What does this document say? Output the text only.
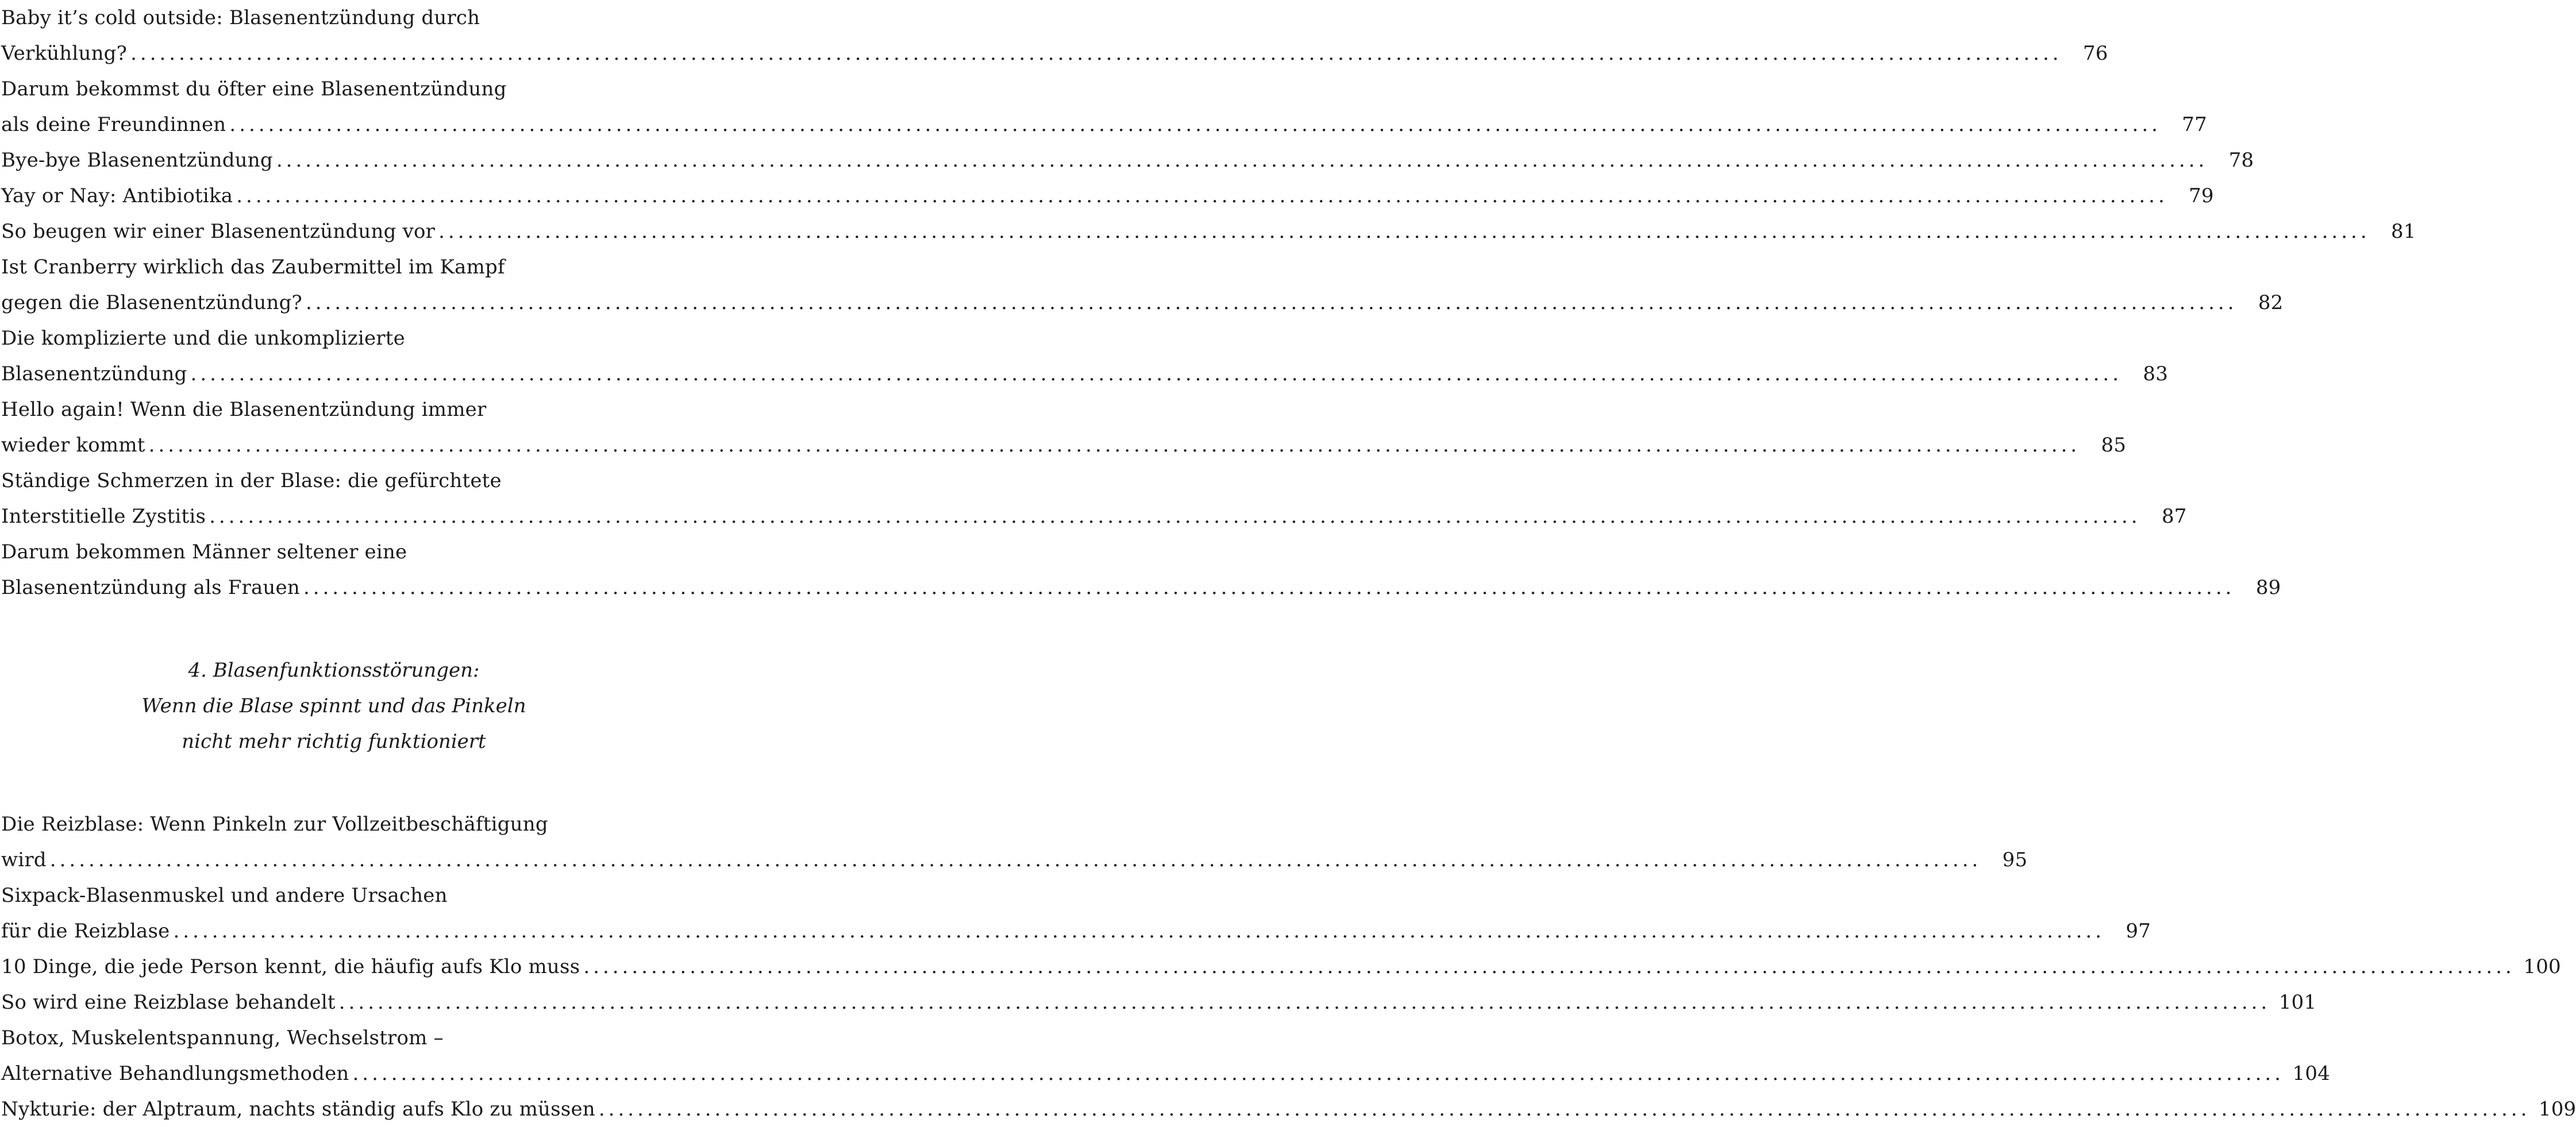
Baby it’s cold outside: Blasenentzündung durch
Verkühlung? ........................................................................................................................................................................................................	76
Darum bekommst du öfter eine Blasenentzündung
als deine Freundinnen ........................................................................................................................................................................................................	77
Bye-bye Blasenentzündung ........................................................................................................................................................................................................	78
Yay or Nay: Antibiotika ........................................................................................................................................................................................................	79
So beugen wir einer Blasenentzündung vor ........................................................................................................................................................................................................	81
Ist Cranberry wirklich das Zaubermittel im Kampf
gegen die Blasenentzündung? ........................................................................................................................................................................................................	82
Die komplizierte und die unkomplizierte
Blasenentzündung ........................................................................................................................................................................................................	83
Hello again! Wenn die Blasenentzündung immer
wieder kommt ........................................................................................................................................................................................................	85
Ständige Schmerzen in der Blase: die gefürchtete
Interstitielle Zystitis ........................................................................................................................................................................................................	87
Darum bekommen Männer seltener eine
Blasenentzündung als Frauen ........................................................................................................................................................................................................	89
4. Blasenfunktionsstörungen:
Wenn die Blase spinnt und das Pinkeln
nicht mehr richtig funktioniert
Die Reizblase: Wenn Pinkeln zur Vollzeitbeschäftigung
wird ........................................................................................................................................................................................................	95
Sixpack-Blasenmuskel und andere Ursachen
für die Reizblase ........................................................................................................................................................................................................	97
10 Dinge, die jede Person kennt, die häufig aufs Klo muss ........................................................................................................................................................................................................ 100
So wird eine Reizblase behandelt ........................................................................................................................................................................................................ 101
Botox, Muskelentspannung, Wechselstrom –
Alternative Behandlungsmethoden ........................................................................................................................................................................................................ 104
Nykturie: der Alptraum, nachts ständig aufs Klo zu müssen ........................................................................................................................................................................................................ 109
